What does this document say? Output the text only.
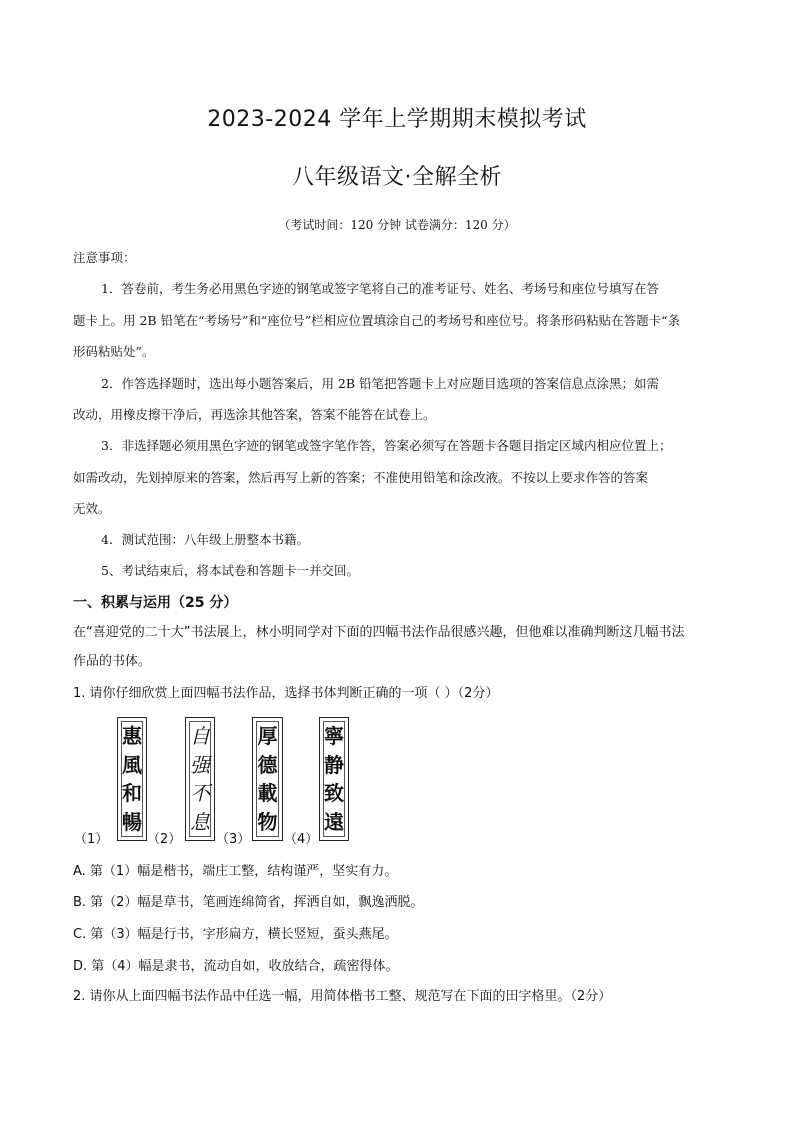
2023-2024 学年上学期期末模拟考试
八年级语文·全解全析
（考试时间：120 分钟 试卷满分：120 分）
注意事项：
1．答卷前，考生务必用黑色字迹的钢笔或签字笔将自己的准考证号、姓名、考场号和座位号填写在答
题卡上。用 2B 铅笔在“考场号”和“座位号”栏相应位置填涂自己的考场号和座位号。将条形码粘贴在答题卡“条
形码粘贴处”。
2．作答选择题时，选出每小题答案后，用 2B 铅笔把答题卡上对应题目选项的答案信息点涂黑；如需
改动，用橡皮擦干净后，再选涂其他答案，答案不能答在试卷上。
3．非选择题必须用黑色字迹的钢笔或签字笔作答，答案必须写在答题卡各题目指定区域内相应位置上；
如需改动，先划掉原来的答案，然后再写上新的答案；不准使用铅笔和涂改液。不按以上要求作答的答案
无效。
4．测试范围：八年级上册整本书籍。
5、考试结束后，将本试卷和答题卡一并交回。
一、积累与运用（25 分）
在“喜迎党的二十大”书法展上，林小明同学对下面的四幅书法作品很感兴趣，但他难以准确判断这几幅书法
作品的书体。
1. 请你仔细欣赏上面四幅书法作品，选择书体判断正确的一项（ ）（2分）
（1）
惠
風
和
暢
（2）
自
强
不
息
（3）
厚
德
載
物
（4）
寧
静
致
遠
A. 第（1）幅是楷书，端庄工整，结构谨严，坚实有力。
B. 第（2）幅是草书，笔画连绵简省，挥洒自如，飘逸洒脱。
C. 第（3）幅是行书，字形扁方，横长竖短，蚕头燕尾。
D. 第（4）幅是隶书，流动自如，收放结合，疏密得体。
2. 请你从上面四幅书法作品中任选一幅，用简体楷书工整、规范写在下面的田字格里。（2分）
